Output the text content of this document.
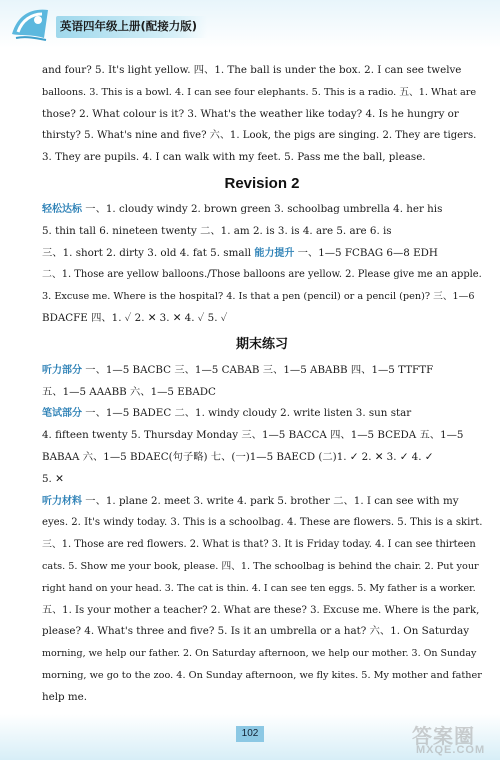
英语四年级上册(配接力版)

and four? 5. It's light yellow. 四、1. The ball is under the box. 2. I can see twelve

balloons. 3. This is a bowl. 4. I can see four elephants. 5. This is a radio. 五、1. What are

those? 2. What colour is it? 3. What's the weather like today? 4. Is he hungry or

thirsty? 5. What's nine and five? 六、1. Look, the pigs are singing. 2. They are tigers.

3. They are pupils. 4. I can walk with my feet. 5. Pass me the ball, please.

Revision 2

轻松达标 一、1. cloudy windy 2. brown green 3. schoolbag umbrella 4. her his

5. thin tall 6. nineteen twenty 二、1. am 2. is 3. is 4. are 5. are 6. is

三、1. short 2. dirty 3. old 4. fat 5. small 能力提升 一、1—5 FCBAG 6—8 EDH

二、1. Those are yellow balloons./Those balloons are yellow. 2. Please give me an apple.

3. Excuse me. Where is the hospital? 4. Is that a pen (pencil) or a pencil (pen)? 三、1—6

BDACFE 四、1. ✓ 2. ✕ 3. ✕ 4. ✓ 5. ✓

期末练习

听力部分 一、1—5 BACBC 三、1—5 CABAB 三、1—5 ABABB 四、1—5 TTFTF

五、1—5 AAABB 六、1—5 EBADC

笔试部分 一、1—5 BADEC 二、1. windy cloudy 2. write listen 3. sun star

4. fifteen twenty 5. Thursday Monday 三、1—5 BACCA 四、1—5 BCEDA 五、1—5

BABAA 六、1—5 BDAEC(句子略) 七、(一)1—5 BAECD (二)1. ✓ 2. ✕ 3. ✓ 4. ✓

5. ✕

听力材料 一、1. plane 2. meet 3. write 4. park 5. brother 二、1. I can see with my

eyes. 2. It's windy today. 3. This is a schoolbag. 4. These are flowers. 5. This is a skirt.

三、1. Those are red flowers. 2. What is that? 3. It is Friday today. 4. I can see thirteen

cats. 5. Show me your book, please. 四、1. The schoolbag is behind the chair. 2. Put your

right hand on your head. 3. The cat is thin. 4. I can see ten eggs. 5. My father is a worker.

五、1. Is your mother a teacher? 2. What are these? 3. Excuse me. Where is the park,

please? 4. What's three and five? 5. Is it an umbrella or a hat? 六、1. On Saturday

morning, we help our father. 2. On Saturday afternoon, we help our mother. 3. On Sunday

morning, we go to the zoo. 4. On Sunday afternoon, we fly kites. 5. My mother and father

help me.

102	答案圈
MXQE.COM
